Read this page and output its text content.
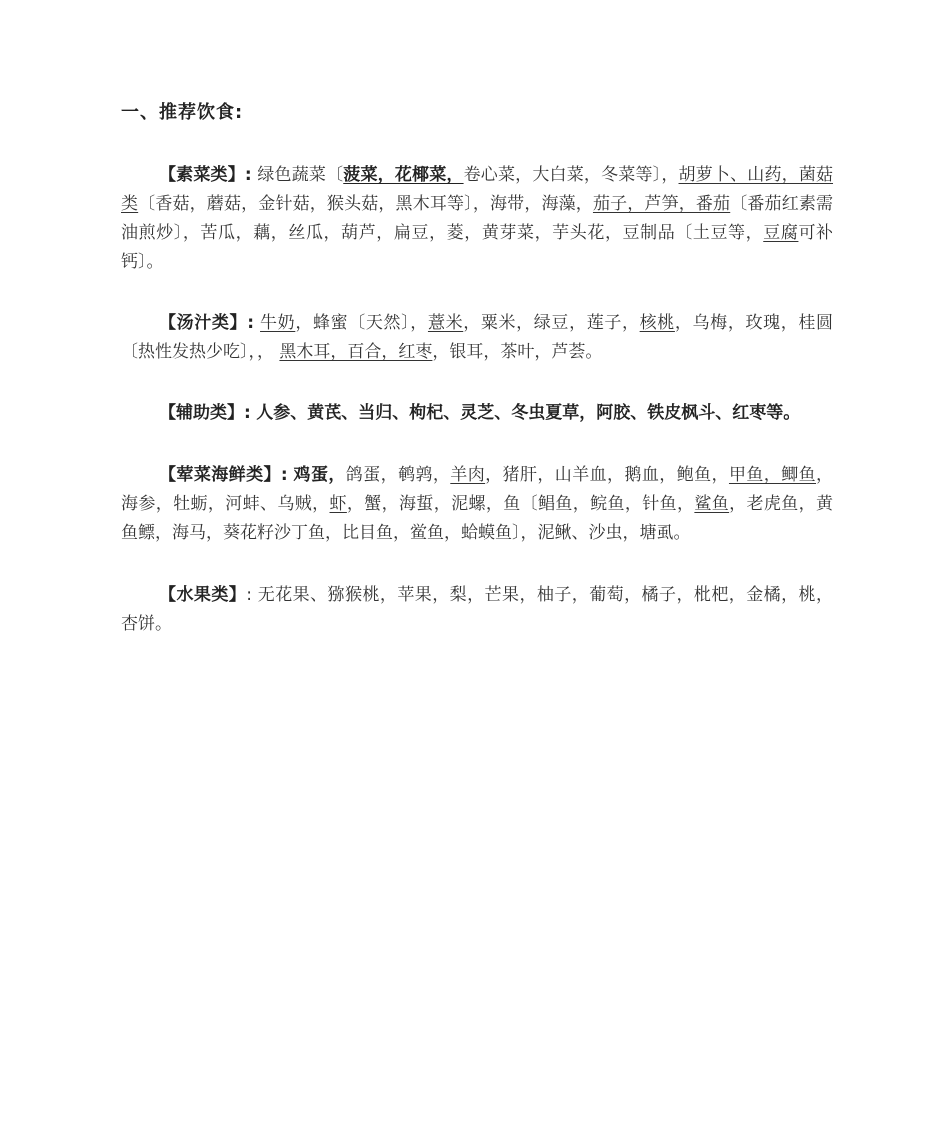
一、推荐饮食:

【素菜类】: 绿色蔬菜〔菠菜，花椰菜，卷心菜，大白菜，冬菜等〕，胡萝卜、山药，菌菇类〔香菇，蘑菇，金针菇，猴头菇，黑木耳等〕，海带，海藻，茄子，芦笋，番茄〔番茄红素需油煎炒〕，苦瓜，藕，丝瓜，葫芦，扁豆，菱，黄芽菜，芋头花，豆制品〔土豆等，豆腐可补钙〕。

【汤汁类】: 牛奶，蜂蜜〔天然〕，薏米，粟米，绿豆，莲子，核桃，乌梅，玫瑰，桂圆〔热性发热少吃〕，， 黑木耳，百合，红枣，银耳，茶叶，芦荟。

【辅助类】: 人参、黄芪、当归、枸杞、灵芝、冬虫夏草，阿胶、铁皮枫斗、红枣等。

【荤菜海鲜类】: 鸡蛋，鸽蛋，鹌鹑，羊肉，猪肝，山羊血，鹅血，鲍鱼，甲鱼，鲫鱼，海参，牡蛎，河蚌、乌贼，虾，蟹，海蜇，泥螺，鱼〔鲳鱼，鲩鱼，针鱼，鲨鱼，老虎鱼，黄鱼鳔，海马，葵花籽沙丁鱼，比目鱼，鲎鱼，蛤蟆鱼〕，泥鳅、沙虫，塘虱。

【水果类】: 无花果、猕猴桃，苹果，梨，芒果，柚子，葡萄，橘子，枇杷，金橘，桃，杏饼。
